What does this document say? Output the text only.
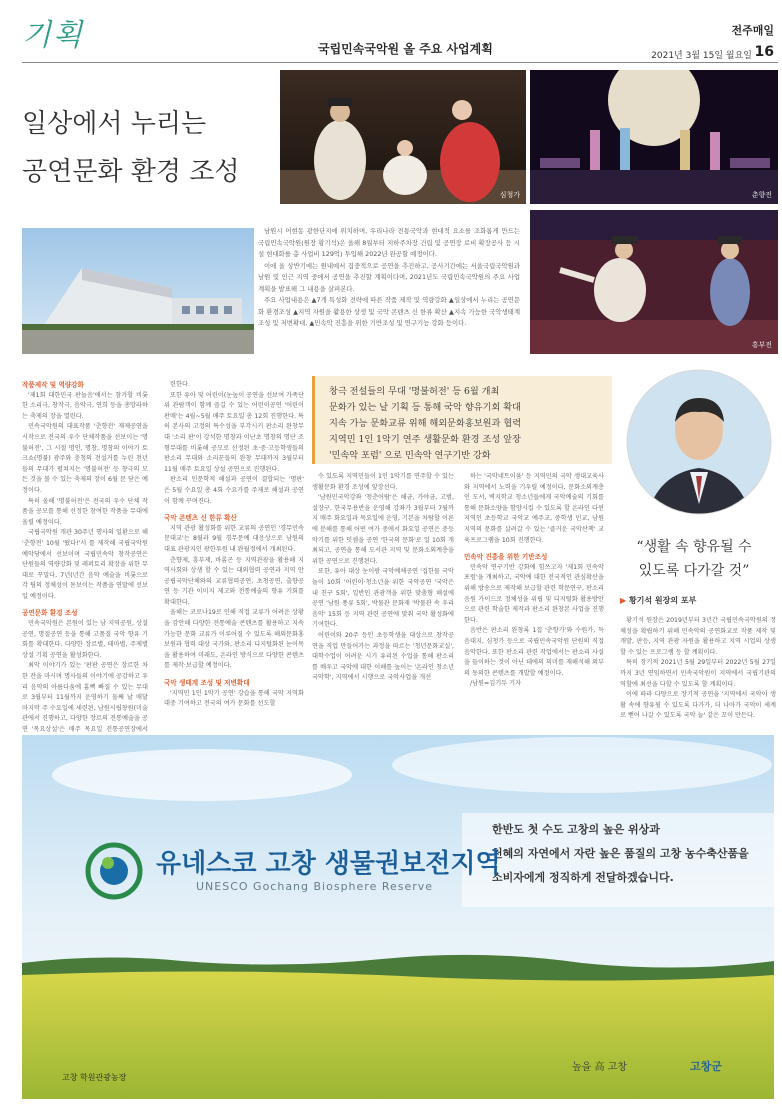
기획	국립민속국악원 올 주요 사업계획
전주매일
2021년 3월 15일 월요일 16
일상에서 누리는
공연문화 환경 조성
심청가	춘향전
흥부전

남원시 어현동 광한단지에 위치하며, 우리나라 전통국악과 현대적 요소를 조화롭게 만드는 국립민속국악원(원장 황기석)은 올해 8월부터 지하주차장 건립 및 공연장 로비 확장공사 등 시설 현대화를 총 사업비 129억) 투입해 2022년 완공할 예정이다.

이에 올 상반기에는 원내에서 집중적으로 공연을 추진하고, 공사기간에는 서울국립국악원과 남원 및 인근 지역 중에서 공연을 추진할 계획이다며, 2021년도 국립민속국악원의 주요 사업계획을 발표해 그 내용을 살펴본다.

주요 사업내용은 ▲7개 특성화 전략에 따른 작품 제작 및 역량강화 ▲일상에서 누리는 공연문화 환경조성 ▲지역 자원을 활용한 상생 및 국악 콘텐츠 신 한류 확산 ▲지속 가능한 국악생태계 조성 및 저변확대, ▲민속악 진흥을 위한 기반조성 및 연구기능 강화 등이다.

작품제작 및 역량강화

'제1회 대한민국 판놀음'에서는 참가할 비롯한 소리극, 창작극, 음악극, 연희 등을 총망라하는 축제의 장을 열린다.

민속국악원의 대표작품 '춘향전' 재제공연을 시작으로 전국의 우수 단체작품을 선보이는 '명불허전', 그 시절 명인, 명창, 명창의 이야기 토크쇼(명불) 광주와 충청의 전설거를 누린 천년들의 무대가 펼쳐지는 '명불허전' 등 창극의 모든 것을 볼 수 있는 축제의 장이 6월 문 닫은 예정이다.

특히 올해 '명불허전'은 전국의 우수 단체 작품을 공모를 통해 선정한 참여한 작품을 무대에 올릴 예정이다.

국립국악원 개관 30주년 행사의 일환으로 해 '춘향전' 10월 '떴다!'서 를 제작해 국립국악원 예악당에서 선보이며 국립민속악 창작공연은 단원들의 역량강화 및 레퍼토리 확장을 위한 무대로 꾸밀다, 7년(년간 음악 예술을 비롯으로 각 팀의 정체성이 돋보이는 작품을 연말에 선보일 예정이다.

공연문화 환경 조성

민속국악원은 본원이 있는 남 지역공원, 상설공연, 명절공연 등을 통해 고품질 국악 향유 기회를 확대한다. 다양한 장르별, 테마별, 주제별 상설 기획 공연을 활성화한다.

최악 이야기가 있는 '판판 공연은 장르한 차 한 잔을 마시며 명사들의 이야기에 공감하고 우리 음악의 아름다움에 흠뻑 빠질 수 있는 무대로 3월부터 11월까지 운영하기 둘째 날 매달 마지막 주 수요일에 세련된, 남원시립창원(미술관에서 진행하고, 다양한 장르의 전통예술을 공연 '목요상설'은 매주 목요일 전통공연장에서

련한다.

또한 유아 및 어린이(눈높이 공연을 선보여 가족단위 관람객이 함께 즐길 수 있는 어린이공연 '어린이 판매'는 4월~5월 매주 토요일 총 12회 진행한다. 특히 본사의 고정의 특수성을 부각시키 판소리 완창무대 '소리 판'이 강석한 명창과 이난초 명창의 명단 조형무대를 비롯해 공모로 선정된 초·중·고등학생들의 판소리 무대와 소리꾼들의 완창 무대까지 3월부터 11월 매주 토요일 상설 공연으로 진행된다.

판소리 인문학적 해설과 공연이 결합되는 '명판' 은 5월 수요일 총 4회 수요가를 주제로 해설과 공연이 함께 꾸며진다.

국악 콘텐츠 신 한류 확산

지역 관광 활성화를 위한 교류의 공연인 '경무민속 문대교'는 8월과 9월 경무문예 대응상으로 남원의 대표 관광지인 광한루원 내 완월정에서 개최된다.

춘향제, 흥부제, 바롬곤 등 지역관광을 활용해 지역사회와 상생 할 수 있는 대외협력 공연과 지역 안 공립국악단체와의 교류협력공연, 초청공연, 출향공연 등 기관 이미지 제고와 전통예술의 향유 기회를 확대한다.

올해는 코로나19로 인해 직접 교류가 어려운 상황을 감안해 다양한 전통예술 콘텐츠를 활용하고 지속 가능한 문화 교류가 이루어질 수 있도록 해외문화홍보원과 협력 대상 국가와, 판소리 디지털화된 눈이목을 활용하여 미래도, 온라인 방식으로 다양한 콘텐츠를 제작·보급할 예정이다.

국악 생태계 조성 및 저변확대

'지역민 1인 1악기 공연' 강습을 통해 국악 지역화 대중 기여하고 전국의 여가 문화를 선도할

수 있도록 지역민들이 1인 1악기를 연주할 수 있는 생활문화 환경 조성에 앞장선다.

'남원민국악강좌 '청춘어람'은 해금, 가야금, 고범, 설장구, 한국무용반을 운영해 강좌가 3월부터 7월까지 매주 화요일과 목요일에 운영, 기본을 차탐할 이론에 분해를 통해 어떤 여가 중에서 화요일 공연은 중등 악기를 위한 덧셈을 공연 '한국의 문화'로 일 10회 개최되고, 공연을 통해 도서관 지역 및 문화소외계층을 위한 공연으로 진행된다.

또한, 유아 대상 눈이팡 국악예체공연 '집한물 국악놀이 10회 '어린이·청소년을 위한 국악공연 '국악은 내 친구 5회', 일반인 관광객을 위한 맞춤형 해설에 공연 '남원 풍류 5회', 박물관 문화재 '박물관 속 우리음악' 15회 등 지역 관련 공연에 맞춰 국악 활성화에 기여한다.

어린이와 20주 등인 초등학생을 대상으로 창작공연을 직업 만들어가는 과정을 따르는 '청년문화교실', 대학수업이 어려운 시기 유리된 수업을 통해 판소리를 배우고 국악에 대한 이해를 높이는 '온라인 청소년 국악학', 지역에서 시행으로 국악사업을 개선

하는 '국악네트이움' 등 지역민의 국악 생대교육사와 지역에서 노력을 기우릴 예정이다, 문화소외계층인 도서, 벽지학교 청소년들에게 국악예술의 기회를 통해 문화소양을 함양시킬 수 있도록 할 온라인 다윈지역인 초등학교 국악교 예주교, 중학생 민교, 남원 지역의 문화를 살려갈 수 있는 '즐거운 국악산책' 교육프로그램을 10회 진행한다.

민속악 진흥을 위한 기반조성

민속악 연구기반 강화에 힘쓰고자 '제1회 민속악 포럼'을 개최하고, 국악에 대한 전국적인 관심확산을 위해 방송으로 제작해 보급할 관련 학문연구, 판소리 음원 가이드로 정체성을 위립 및 디지털화 활용방안으로 관련 학술한 제작과 판소리 완창본 사업을 진행한다.

음반은 판소리 완창록 1집 '춘향가'와 수원가, 득음대지, 심청가 등으로 국립민속국악원 단원의 직접 음악한다. 또한 판소리 관련 작업에서는 판소리 사설을 들이하는 것이 아닌 데에의 의미를 재해석해 외부의 동의한 콘텐츠를 개발할 예정이다.

/남원=김기두 기자

황기석 원장은 2019년부터 3년간 국립민속국악원의 정체성을 확립하기 위해 민속악의 공연화교로 작품 제작 및 개발, 판등, 지역 관광 자원을 활용하고 지역 시업의 상생할 수 있는 프로그램 등 할 계획이다.

특히 장기적 2021년 5월 29일부터 2022년 5월 27일까지 3년 연임하면서 민속국악원이 지역에서 국립기관의 역할에 최선을 다할 수 있도록 할 계획이다.

이에 따라 다양으로 장기적 공연을 '지역에서 국악이 생활 속에 향유될 수 있도록 다가가, 더 나아가 국악이 세계로 뻗어 나갈 수 있도록 국악 늘' 같은 꼬이 만든다.

창극 전설들의 무대 '명불허전' 등 6월 개최
문화가 있는 날 기획 등 통해 국악 향유기회 확대
지속 가능 문화교류 위해 해외문화홍보원과 협력
지역민 1인 1악기 연주 생활문화 환경 조성 앞장
'민속악 포럼' 으로 민속악 연구기반 강화
“생활 속 향유될 수
있도록 다가갈 것”
▶ 황기석 원장의 포부
한반도 첫 수도 고창의 높은 위상과
천혜의 자연에서 자란 높은 품질의 고창 농수축산품을
소비자에게 정직하게 전달하겠습니다.
유네스코 고창 생물권보전지역
UNESCO Gochang Biosphere Reserve
고창 학원관광농장
높을 高 고창	고창군
